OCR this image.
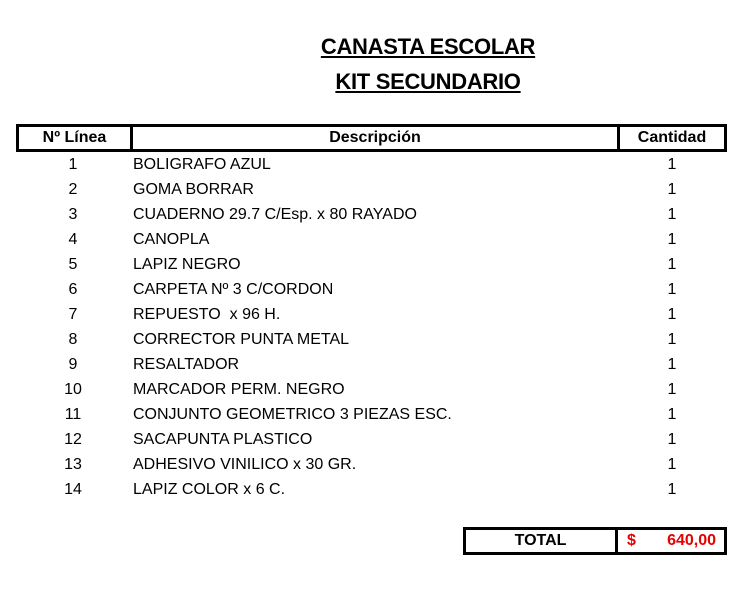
CANASTA ESCOLAR
KIT SECUNDARIO
Nº Línea	Descripción	Cantidad
1	BOLIGRAFO AZUL	1
2	GOMA BORRAR	1
3	CUADERNO 29.7 C/Esp. x 80 RAYADO	1
4	CANOPLA	1
5	LAPIZ NEGRO	1
6	CARPETA Nº 3 C/CORDON	1
7	REPUESTO  x 96 H.	1
8	CORRECTOR PUNTA METAL	1
9	RESALTADOR	1
10	MARCADOR PERM. NEGRO	1
11	CONJUNTO GEOMETRICO 3 PIEZAS ESC.	1
12	SACAPUNTA PLASTICO	1
13	ADHESIVO VINILICO x 30 GR.	1
14	LAPIZ COLOR x 6 C.	1
TOTAL	$ 640,00
